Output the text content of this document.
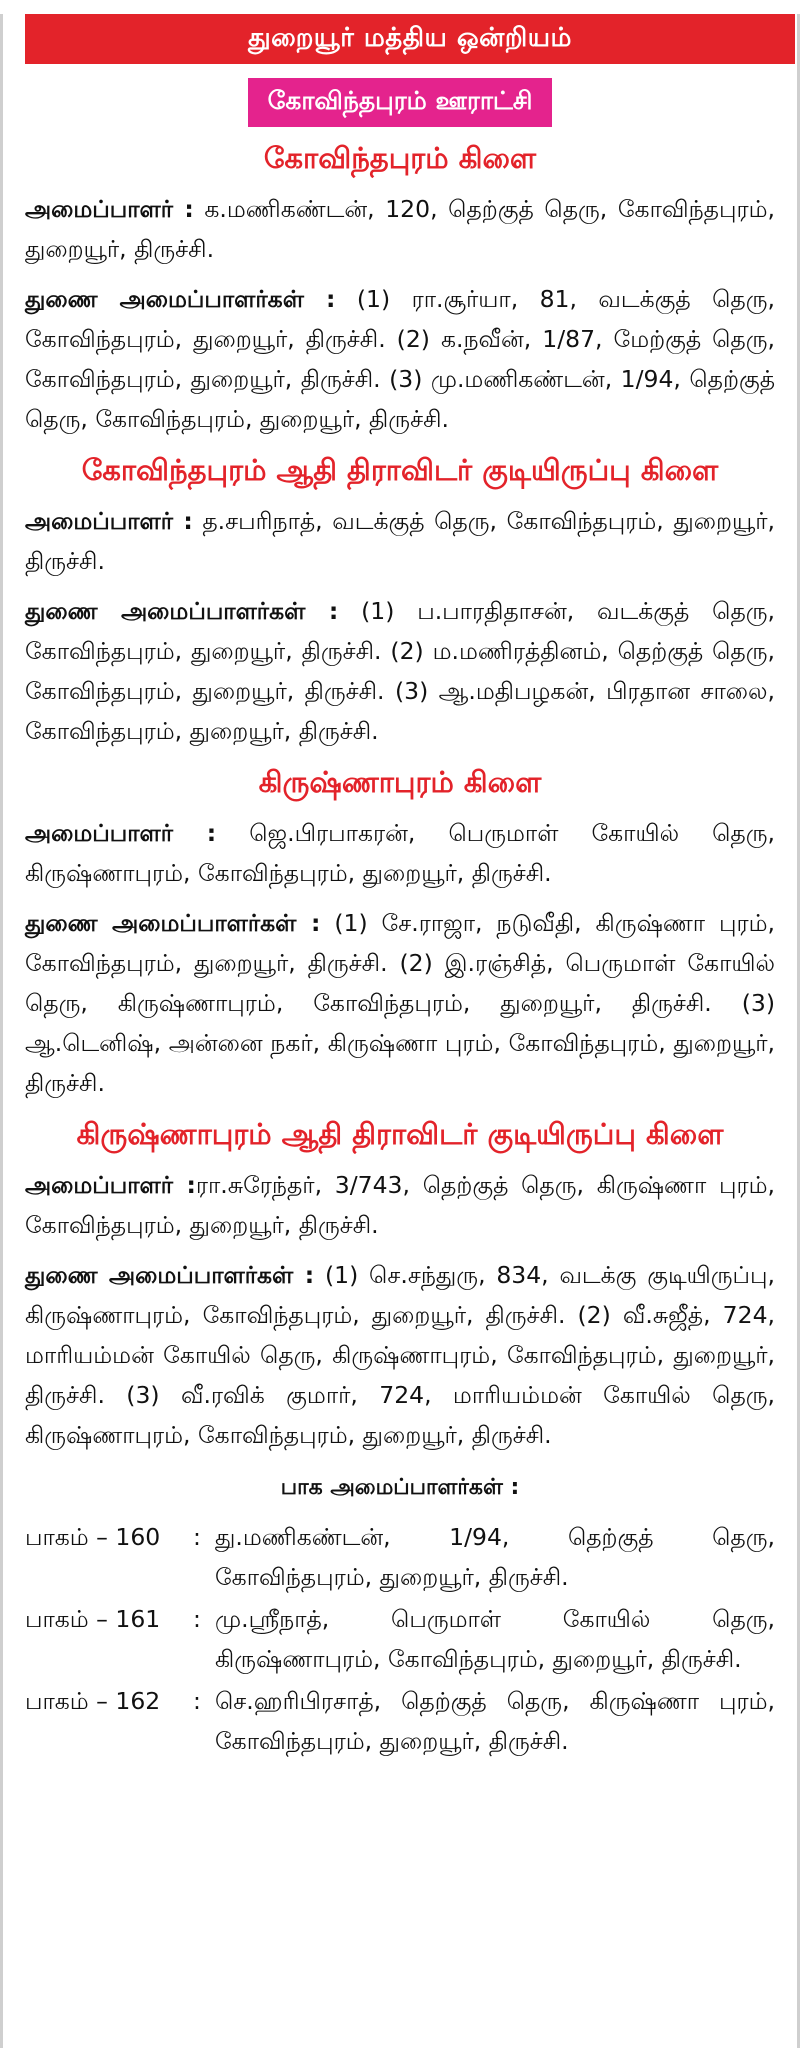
துறையூர் மத்திய ஒன்றியம்
கோவிந்தபுரம் ஊராட்சி
கோவிந்தபுரம் கிளை

அமைப்பாளர் : க.மணிகண்டன், 120, தெற்குத் தெரு, கோவிந்தபுரம், துறையூர், திருச்சி.

துணை அமைப்பாளர்கள் : (1) ரா.சூர்யா, 81, வடக்குத் தெரு, கோவிந்தபுரம், துறையூர், திருச்சி. (2) க.நவீன், 1/87, மேற்குத் தெரு, கோவிந்தபுரம், துறையூர், திருச்சி. (3) மு.மணிகண்டன், 1/94, தெற்குத் தெரு, கோவிந்தபுரம், துறையூர், திருச்சி.

கோவிந்தபுரம் ஆதி திராவிடர் குடியிருப்பு கிளை

அமைப்பாளர் : த.சபரிநாத், வடக்குத் தெரு, கோவிந்தபுரம், துறையூர், திருச்சி.

துணை அமைப்பாளர்கள் : (1) ப.பாரதிதாசன், வடக்குத் தெரு, கோவிந்தபுரம், துறையூர், திருச்சி. (2) ம.மணிரத்தினம், தெற்குத் தெரு, கோவிந்தபுரம், துறையூர், திருச்சி. (3) ஆ.மதிபழகன், பிரதான சாலை, கோவிந்தபுரம், துறையூர், திருச்சி.

கிருஷ்ணாபுரம் கிளை

அமைப்பாளர் : ஜெ.பிரபாகரன், பெருமாள் கோயில் தெரு, கிருஷ்ணாபுரம், கோவிந்தபுரம், துறையூர், திருச்சி.

துணை அமைப்பாளர்கள் : (1) சே.ராஜா, நடுவீதி, கிருஷ்ணா புரம், கோவிந்தபுரம், துறையூர், திருச்சி. (2) இ.ரஞ்சித், பெருமாள் கோயில் தெரு, கிருஷ்ணாபுரம், கோவிந்தபுரம், துறையூர், திருச்சி. (3) ஆ.டெனிஷ், அன்னை நகர், கிருஷ்ணா புரம், கோவிந்தபுரம், துறையூர், திருச்சி.

கிருஷ்ணாபுரம் ஆதி திராவிடர் குடியிருப்பு கிளை

அமைப்பாளர் :ரா.சுரேந்தர், 3/743, தெற்குத் தெரு, கிருஷ்ணா புரம், கோவிந்தபுரம், துறையூர், திருச்சி.

துணை அமைப்பாளர்கள் : (1) செ.சந்துரு, 834, வடக்கு குடியிருப்பு, கிருஷ்ணாபுரம், கோவிந்தபுரம், துறையூர், திருச்சி. (2) வீ.சுஜீத், 724, மாரியம்மன் கோயில் தெரு, கிருஷ்ணாபுரம், கோவிந்தபுரம், துறையூர், திருச்சி. (3) வீ.ரவிக் குமார், 724, மாரியம்மன் கோயில் தெரு, கிருஷ்ணாபுரம், கோவிந்தபுரம், துறையூர், திருச்சி.

பாக அமைப்பாளர்கள் :
பாகம் – 160	: து.மணிகண்டன், 1/94, தெற்குத் தெரு, கோவிந்தபுரம், துறையூர், திருச்சி.
பாகம் – 161	: மு.ஸ்ரீநாத், பெருமாள் கோயில் தெரு, கிருஷ்ணாபுரம், கோவிந்தபுரம், துறையூர், திருச்சி.
பாகம் – 162	: செ.ஹரிபிரசாத், தெற்குத் தெரு, கிருஷ்ணா புரம், கோவிந்தபுரம், துறையூர், திருச்சி.
